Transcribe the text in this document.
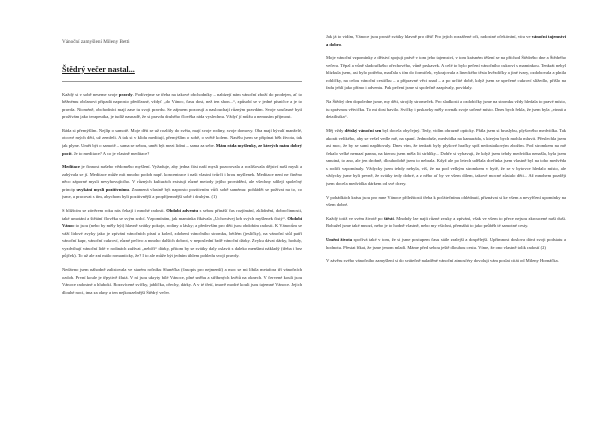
Vánoční zamyšlení Mileny Betti
Štědrý večer nastal...

Každý si v sobě neseme svoje pravdy. Podívejme se třeba na takové obchodníky – nabízejí nám vánoční zboží do prodejen, ať to běžnému občanovi připadá naprosto předčasné, vždyť „do Vánoc, času dost, než ten shon...“, způsobí se v jedné písničce a je to pravda. Nicméně, obchodníci mají zase tu svoji pravdu. Se zájmem pozorují a naslouchají různým pravdám. Svoje současné bytí prožívám jako terapeutka, je tudíž nasnadě, že si pravdu druhého člověka ráda vyslechnu. Vždyť jí můžu a nemusím přijmout.

Ráda si přemýšlím. Nejlíp o samotě. Moje děti se už rozlítly do světa, mají svoje rodiny, svoje domovy. Oba mají bývalí manželé, otcové mých dětí, už zemřeli. A tak si v klidu meditují, přemýšlím o sobě, o světě kolem. Nasělu jsem se připínat běh života, tak jak plyne. Umět být o samotě – sama se sebou, umět být mezi lidmi – sama za sebe. Mám ráda myšlenky, ze kterých mám dobrý pocit. Je to meditace? A co je vlastně meditace?

Meditace je činnost našeho vědomého myšlení. Vyžaduje, aby jedna část naší mysli pozorovala a rozlišovala dějství naší mysli a zabývala se jí. Meditace může mít mnoho podob např. koncentrace i naši vlastní tvůrčí i hrou myšlenek. Meditace není ne činěno něco záporné mysli nevyhovujícího. V různých kulturách existují různé metody jejího provádění, ale všechny sdílejí společný princip uvykání mysli pozitivnímu. Znamená vlastně být naprosto pozitivním vůči sobě samému: pohládět se požívat na to, co jsme, a pracovat s tím, abychom byli pozitivnější a propříjemnější sobě i druhým. (1)

S blížícím se závěrem roku nás čekají i mnohé radosti. Období adventu s sebou přináší čas rozjímání, zklidnění, dobročinnosti, také umotání a štětání člověka se svým srdcí. Vzpomínám, jak maminka říkávala „Uchovávej krb svých myšlenek čistý“. Období Vánoc to jsou (nebo by měly být) hlavně svátky pokoje, rodiny a lásky; a především pro děti jsou obdobím radosti. K Vánocům se váží lidové zvyky jako je zpívání vánočních písní a koled, zdobení vánočního stromku, bétlém (jesličky), na vánoční stůl patří vánoční kapr, vánoční cukroví, různé pečivo a mnoho dalších dobrot, v neposlední řadě vánoční dárky. Zvyku dávat dárky, hoduly, vyzdvihují vánoční lidé v rodinách zažívat „nebíčí“ dárky, přitom by se svátky daly oslavit s daleko menšími nákladý (třeba i bez půjček). To už ale zní málo romanticky, že? I to ale může být jedním úhlem pohledu svojí pravdy.

Nedávno jsem náhodně zalistovala ve starém ročníku Slunéčka (časopis pro nejmenší) a moc se mi líbila metafora tří vánočních ozdob. První koule je třpytivě žlutá. V ní jsou ukryty bílé Vánoce, plné sněhu a stříbrných květů na oknech. V červené kouli jsou Vánoce radostné a hlubokí. Rozsvícené svíčky, jablíčka, ořechy, dárky. A v té třetí, tmavě modré kouli jsou tajemné Vánoce. Jejich dlouhé noci, tma za okny a ten nejkouzelnější Štědrý večer.

Jak já to vidím, Vánoce jsou prostě svátky hlavně pro děti! Pro jejich rozzářené oči, radostné očekávání, víra ve vánoční tajemství a dobro.

Moje vánoční vzpomínky z dětství spojuji právě v tom jeho tajemství, v tom krásném těšení se na příchod Štědrého dne a Štědrého večera. Těpzl a vůně sladoučkého ořechového, vůně prskavek. A celé to bylo pečení vánočního cukroví s maminkou. Tenkrát nebyl blízkula jsem, asi bylo potřeba, maďala s tím do formiček, vykrajovala z lineckého těsta hvězdičky a jiné tvary, ozdobovala a plnila rohlíčky, na celou vánoční cestičku – a přípravné věci snad – a po určité době, když jsem se upečené cukroví slížedlo, přišlo na řadu jehlí jako přímo i adventu. Pak pečení jsme si společně zazpívaly, povídaly.

Na Štědrý den dopoledne jsme, my děti, strojily stromeček. Pro sladkosti a ozdobičky jsme na stromku vždy hledala to pravé místo, tu správnou větvičku. To mi dost bavilo. Svíčky i prskavky měly rovnák svoje určené místo. Dnes bych řekla, že jsem byla „vinná a detailistka“.

Měj vždy dětský vánoční sen byl docela obyčejný. Tedy, vidím obrazně opticky. Přála jsem si bruslybu, plyšového medvídka. Tak akorát velikého, aby se vešel vedle mě, na spaní. Jednoduše, medvídka na kamaráda, s kterým bych mohla mluvit. Přeslechla jsem asi moc, že by se sami naplňovaly. Dnes vím, že tenkrát byly plyšové hračky spíš nedostatkovým zbožím. Pod stromkem na mě čekalo velké nemazí panna, na kterou jsem měla lit strhlíky... Dobře si vybavuji, že když jsem tehdy medvídka nenašla, byla jsem smutná, to ano, ale jen drobně, dlouhodobě jsem to nebrala. Když ale po letech udělala dceřinka jsem vlastně byl na toho medvěda s rodiči vzpomínaly. Vždycky jsem tehdy nebyla, víš, že na pod velkým stromkem v bytě, že se v bytovce hledalo místo, ale vždycky jsme byli pevně, že svátky tedy dobré, a z něho ať by ve všem dílem, takové mocné zůstalo děti... Až mnohem později jsem docela medvídka dárkem od své dcery.

V pohádkách krásu jsou pro mne Vánoce příležitostí třeba k počátečnímu ohlédnutí, přiznávat si ke všem a nevyřčení upomínky na všem dobré.

Každý totiž ve svém životě po štěstí. Mnohdy lze najít různé zvuky a zpívání, však ve všem to přece nejsou zkroucené naši duši. Bohužel jsme také mnozí, nebo je to hodně vlastně, nebo my všichni, přemáhá to jako průběh té samotné cesty.

Uměni života spočívá také v tom, že si jsme postupem času stále zralejší a dospělejší. Upřímnost doslova dává svoji podstatu a hodnotu. Přestat říkat, že jsme jenom mladí. Máme před sebou ještě dlouhou cestu. Víme, že ono vlastně tolik radostí (2)

V závěru svého vánočního zamyšlení si do svátečně naladěné vánoční atmosféry dovoluji vám poslat citát od Mileny Hornáčka.
